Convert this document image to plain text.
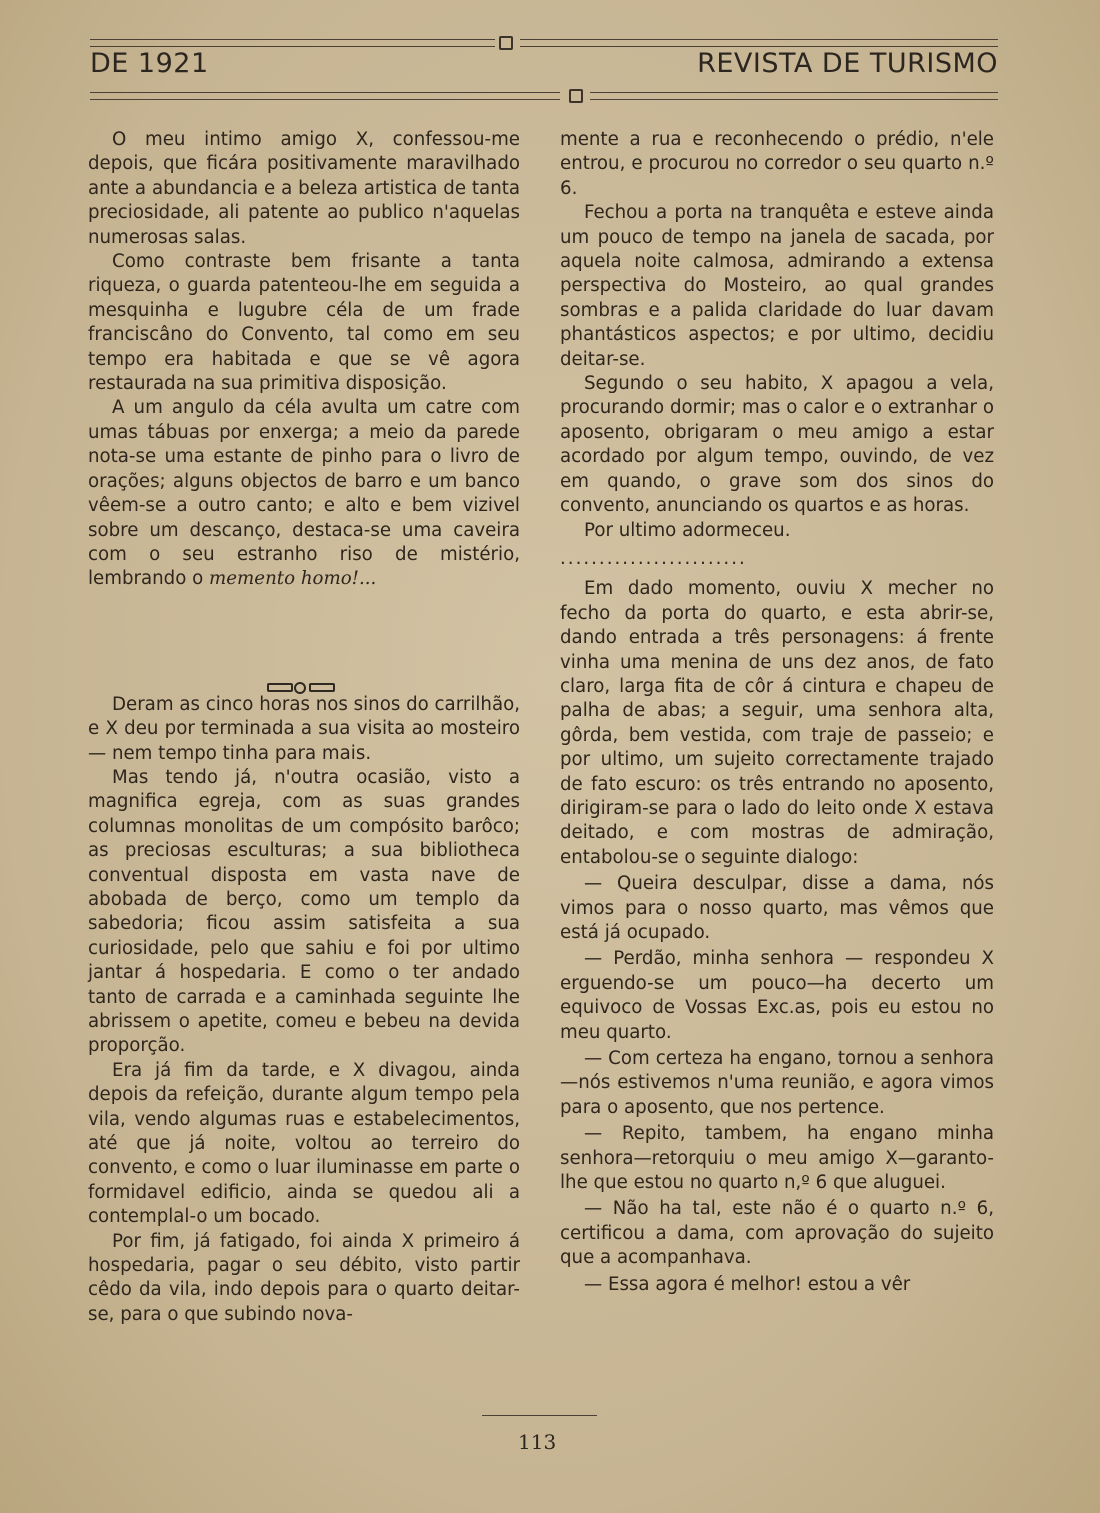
DE 1921	REVISTA DE TURISMO

O meu intimo amigo X, confessou-me depois, que ficára positivamente maravilhado ante a abundancia e a beleza artistica de tanta preciosidade, ali patente ao publico n'aquelas numerosas salas.

Como contraste bem frisante a tanta riqueza, o guarda patenteou-lhe em seguida a mesquinha e lugubre céla de um frade franciscâno do Convento, tal como em seu tempo era habitada e que se vê agora restaurada na sua primitiva disposição.

A um angulo da céla avulta um catre com umas tábuas por enxerga; a meio da parede nota-se uma estante de pinho para o livro de orações; alguns objectos de barro e um banco vêem-se a outro canto; e alto e bem vizivel sobre um descanço, destaca-se uma caveira com o seu estranho riso de mistério, lembrando o memento homo!...

Deram as cinco horas nos sinos do carrilhão, e X deu por terminada a sua visita ao mosteiro — nem tempo tinha para mais.

Mas tendo já, n'outra ocasião, visto a magnifica egreja, com as suas grandes columnas monolitas de um compósito barôco; as preciosas esculturas; a sua bibliotheca conventual disposta em vasta nave de abobada de berço, como um templo da sabedoria; ficou assim satisfeita a sua curiosidade, pelo que sahiu e foi por ultimo jantar á hospedaria. E como o ter andado tanto de carrada e a caminhada seguinte lhe abrissem o apetite, comeu e bebeu na devida proporção.

Era já fim da tarde, e X divagou, ainda depois da refeição, durante algum tempo pela vila, vendo algumas ruas e estabelecimentos, até que já noite, voltou ao terreiro do convento, e como o luar iluminasse em parte o formidavel edificio, ainda se quedou ali a contemplal-o um bocado.

Por fim, já fatigado, foi ainda X primeiro á hospedaria, pagar o seu débito, visto partir cêdo da vila, indo depois para o quarto deitar-se, para o que subindo nova-

mente a rua e reconhecendo o prédio, n'ele entrou, e procurou no corredor o seu quarto n.º 6.

Fechou a porta na tranquêta e esteve ainda um pouco de tempo na janela de sacada, por aquela noite calmosa, admirando a extensa perspectiva do Mosteiro, ao qual grandes sombras e a palida claridade do luar davam phantásticos aspectos; e por ultimo, decidiu deitar-se.

Segundo o seu habito, X apagou a vela, procurando dormir; mas o calor e o extranhar o aposento, obrigaram o meu amigo a estar acordado por algum tempo, ouvindo, de vez em quando, o grave som dos sinos do convento, anunciando os quartos e as horas.

Por ultimo adormeceu.

........................

Em dado momento, ouviu X mecher no fecho da porta do quarto, e esta abrir-se, dando entrada a três personagens: á frente vinha uma menina de uns dez anos, de fato claro, larga fita de côr á cintura e chapeu de palha de abas; a seguir, uma senhora alta, gôrda, bem vestida, com traje de passeio; e por ultimo, um sujeito correctamente trajado de fato escuro: os três entrando no aposento, dirigiram-se para o lado do leito onde X estava deitado, e com mostras de admiração, entabolou-se o seguinte dialogo:

— Queira desculpar, disse a dama, nós vimos para o nosso quarto, mas vêmos que está já ocupado.

— Perdão, minha senhora — respondeu X erguendo-se um pouco—ha decerto um equivoco de Vossas Exc.as, pois eu estou no meu quarto.

— Com certeza ha engano, tornou a senhora—nós estivemos n'uma reunião, e agora vimos para o aposento, que nos pertence.

— Repito, tambem, ha engano minha senhora—retorquiu o meu amigo X—garanto-lhe que estou no quarto n,º 6 que aluguei.

— Não ha tal, este não é o quarto n.º 6, certificou a dama, com aprovação do sujeito que a acompanhava.

— Essa agora é melhor! estou a vêr

113
